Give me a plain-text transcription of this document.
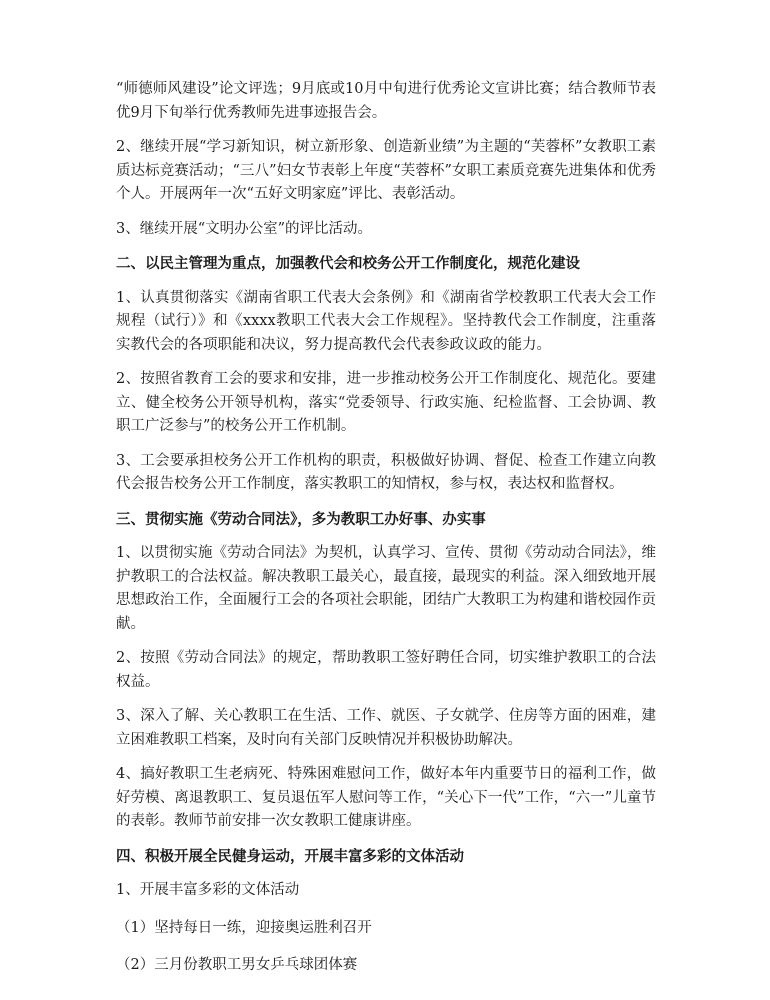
“师德师风建设”论文评选；9月底或10月中旬进行优秀论文宣讲比赛；结合教师节表优9月下旬举行优秀教师先进事迹报告会。

2、继续开展“学习新知识，树立新形象、创造新业绩”为主题的“芙蓉杯”女教职工素质达标竞赛活动；“三八”妇女节表彰上年度“芙蓉杯”女职工素质竞赛先进集体和优秀个人。开展两年一次“五好文明家庭”评比、表彰活动。

3、继续开展“文明办公室”的评比活动。

二、以民主管理为重点，加强教代会和校务公开工作制度化，规范化建设

1、认真贯彻落实《湖南省职工代表大会条例》和《湖南省学校教职工代表大会工作规程（试行）》和《xxxx教职工代表大会工作规程》。坚持教代会工作制度，注重落实教代会的各项职能和决议，努力提高教代会代表参政议政的能力。

2、按照省教育工会的要求和安排，进一步推动校务公开工作制度化、规范化。要建立、健全校务公开领导机构，落实“党委领导、行政实施、纪检监督、工会协调、教职工广泛参与”的校务公开工作机制。

3、工会要承担校务公开工作机构的职责，积极做好协调、督促、检查工作建立向教代会报告校务公开工作制度，落实教职工的知情权，参与权，表达权和监督权。

三、贯彻实施《劳动合同法》，多为教职工办好事、办实事

1、以贯彻实施《劳动合同法》为契机，认真学习、宣传、贯彻《劳动动合同法》，维护教职工的合法权益。解决教职工最关心，最直接，最现实的利益。深入细致地开展思想政治工作，全面履行工会的各项社会职能，团结广大教职工为构建和谐校园作贡献。

2、按照《劳动合同法》的规定，帮助教职工签好聘任合同，切实维护教职工的合法权益。

3、深入了解、关心教职工在生活、工作、就医、子女就学、住房等方面的困难，建立困难教职工档案，及时向有关部门反映情况并积极协助解决。

4、搞好教职工生老病死、特殊困难慰问工作，做好本年内重要节日的福利工作，做好劳模、离退教职工、复员退伍军人慰问等工作，“关心下一代”工作，“六一”儿童节的表彰。教师节前安排一次女教职工健康讲座。

四、积极开展全民健身运动，开展丰富多彩的文体活动

1、开展丰富多彩的文体活动

（1）坚持每日一练，迎接奥运胜利召开

（2）三月份教职工男女乒乓球团体赛
